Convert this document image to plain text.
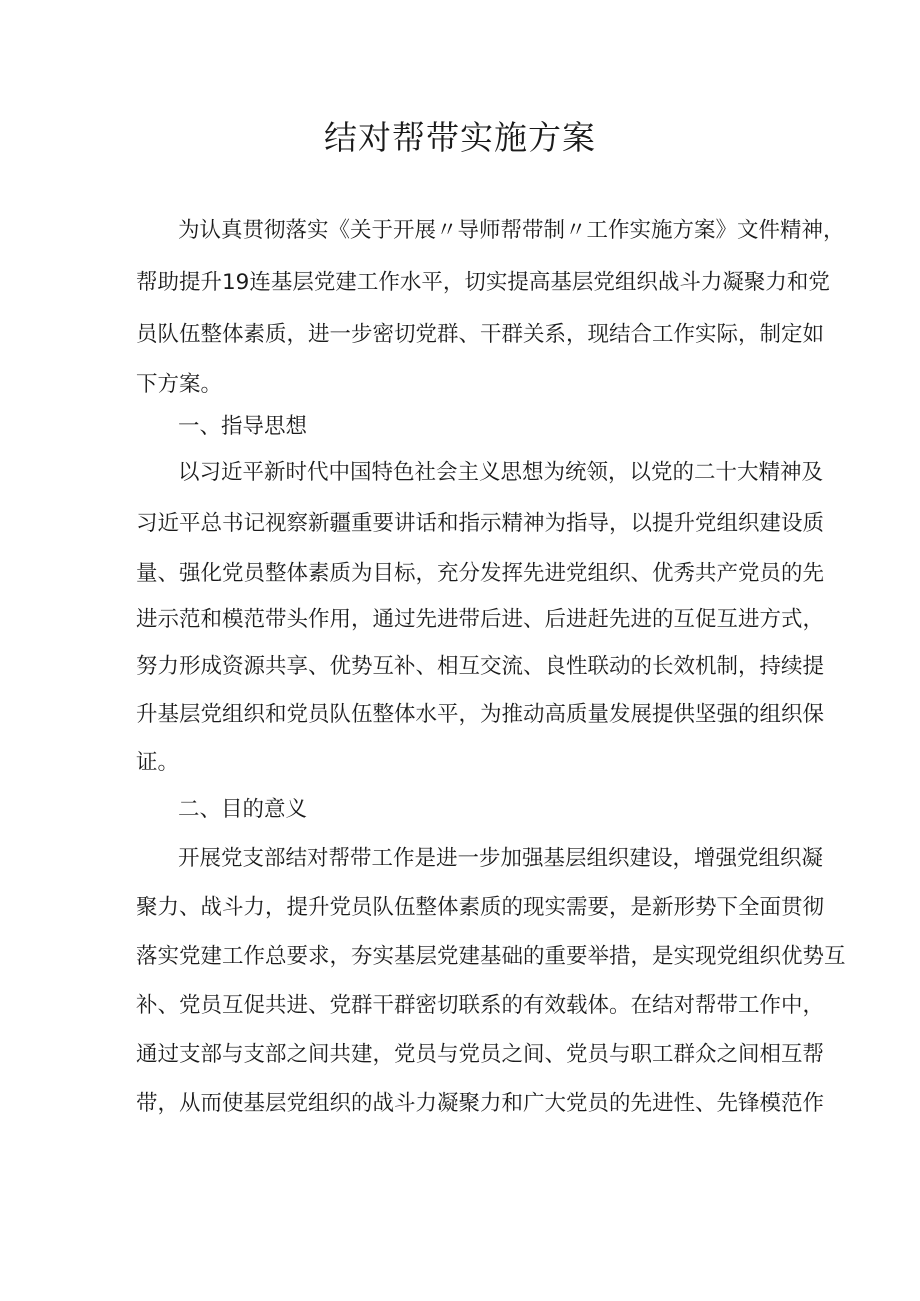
结对帮带实施方案
为认真贯彻落实《关于开展〃导师帮带制〃工作实施方案》文件精神，
帮助提升19连基层党建工作水平，切实提高基层党组织战斗力凝聚力和党
员队伍整体素质，进一步密切党群、干群关系，现结合工作实际，制定如
下方案。
一、指导思想
以习近平新时代中国特色社会主义思想为统领，以党的二十大精神及
习近平总书记视察新疆重要讲话和指示精神为指导，以提升党组织建设质
量、强化党员整体素质为目标，充分发挥先进党组织、优秀共产党员的先
进示范和模范带头作用，通过先进带后进、后进赶先进的互促互进方式，
努力形成资源共享、优势互补、相互交流、良性联动的长效机制，持续提
升基层党组织和党员队伍整体水平，为推动高质量发展提供坚强的组织保
证。
二、目的意义
开展党支部结对帮带工作是进一步加强基层组织建设，增强党组织凝
聚力、战斗力，提升党员队伍整体素质的现实需要，是新形势下全面贯彻
落实党建工作总要求，夯实基层党建基础的重要举措，是实现党组织优势互
补、党员互促共进、党群干群密切联系的有效载体。在结对帮带工作中，
通过支部与支部之间共建，党员与党员之间、党员与职工群众之间相互帮
带，从而使基层党组织的战斗力凝聚力和广大党员的先进性、先锋模范作
